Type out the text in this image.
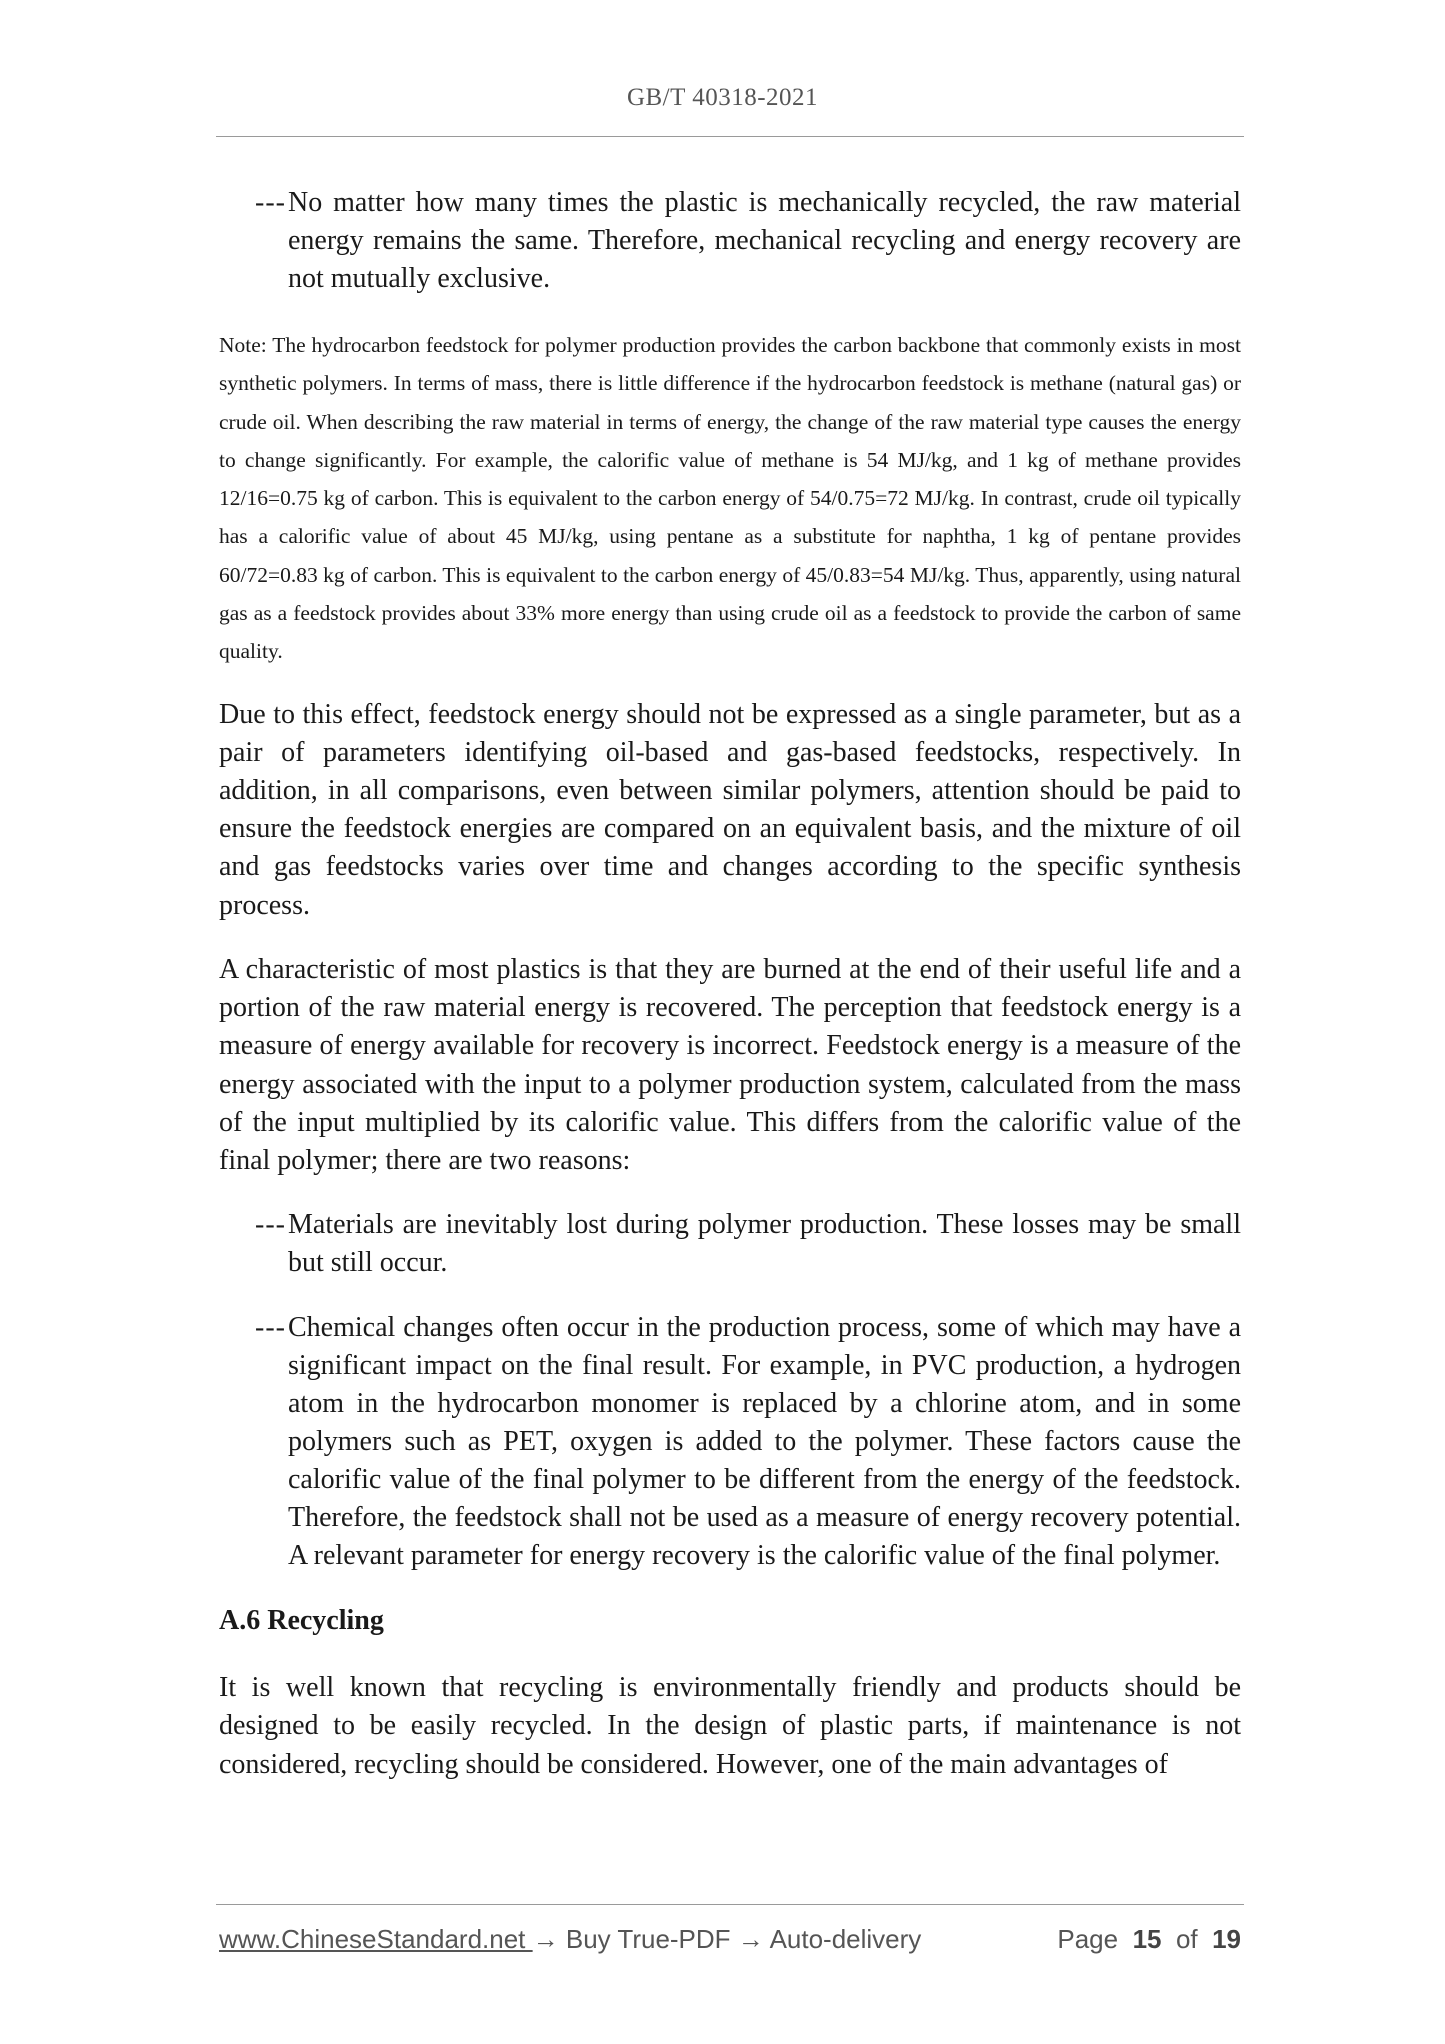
GB/T 40318-2021
--- No matter how many times the plastic is mechanically recycled, the raw material energy remains the same. Therefore, mechanical recycling and energy recovery are not mutually exclusive.
Note: The hydrocarbon feedstock for polymer production provides the carbon backbone that commonly exists in most synthetic polymers. In terms of mass, there is little difference if the hydrocarbon feedstock is methane (natural gas) or crude oil. When describing the raw material in terms of energy, the change of the raw material type causes the energy to change significantly. For example, the calorific value of methane is 54 MJ/kg, and 1 kg of methane provides 12/16=0.75 kg of carbon. This is equivalent to the carbon energy of 54/0.75=72 MJ/kg. In contrast, crude oil typically has a calorific value of about 45 MJ/kg, using pentane as a substitute for naphtha, 1 kg of pentane provides 60/72=0.83 kg of carbon. This is equivalent to the carbon energy of 45/0.83=54 MJ/kg. Thus, apparently, using natural gas as a feedstock provides about 33% more energy than using crude oil as a feedstock to provide the carbon of same quality.
Due to this effect, feedstock energy should not be expressed as a single parameter, but as a pair of parameters identifying oil-based and gas-based feedstocks, respectively. In addition, in all comparisons, even between similar polymers, attention should be paid to ensure the feedstock energies are compared on an equivalent basis, and the mixture of oil and gas feedstocks varies over time and changes according to the specific synthesis process.
A characteristic of most plastics is that they are burned at the end of their useful life and a portion of the raw material energy is recovered. The perception that feedstock energy is a measure of energy available for recovery is incorrect. Feedstock energy is a measure of the energy associated with the input to a polymer production system, calculated from the mass of the input multiplied by its calorific value. This differs from the calorific value of the final polymer; there are two reasons:
--- Materials are inevitably lost during polymer production. These losses may be small but still occur.
--- Chemical changes often occur in the production process, some of which may have a significant impact on the final result. For example, in PVC production, a hydrogen atom in the hydrocarbon monomer is replaced by a chlorine atom, and in some polymers such as PET, oxygen is added to the polymer. These factors cause the calorific value of the final polymer to be different from the energy of the feedstock. Therefore, the feedstock shall not be used as a measure of energy recovery potential. A relevant parameter for energy recovery is the calorific value of the final polymer.
A.6 Recycling
It is well known that recycling is environmentally friendly and products should be designed to be easily recycled. In the design of plastic parts, if maintenance is not considered, recycling should be considered. However, one of the main advantages of
www.ChineseStandard.net → Buy True-PDF → Auto-delivery	Page 15 of 19
